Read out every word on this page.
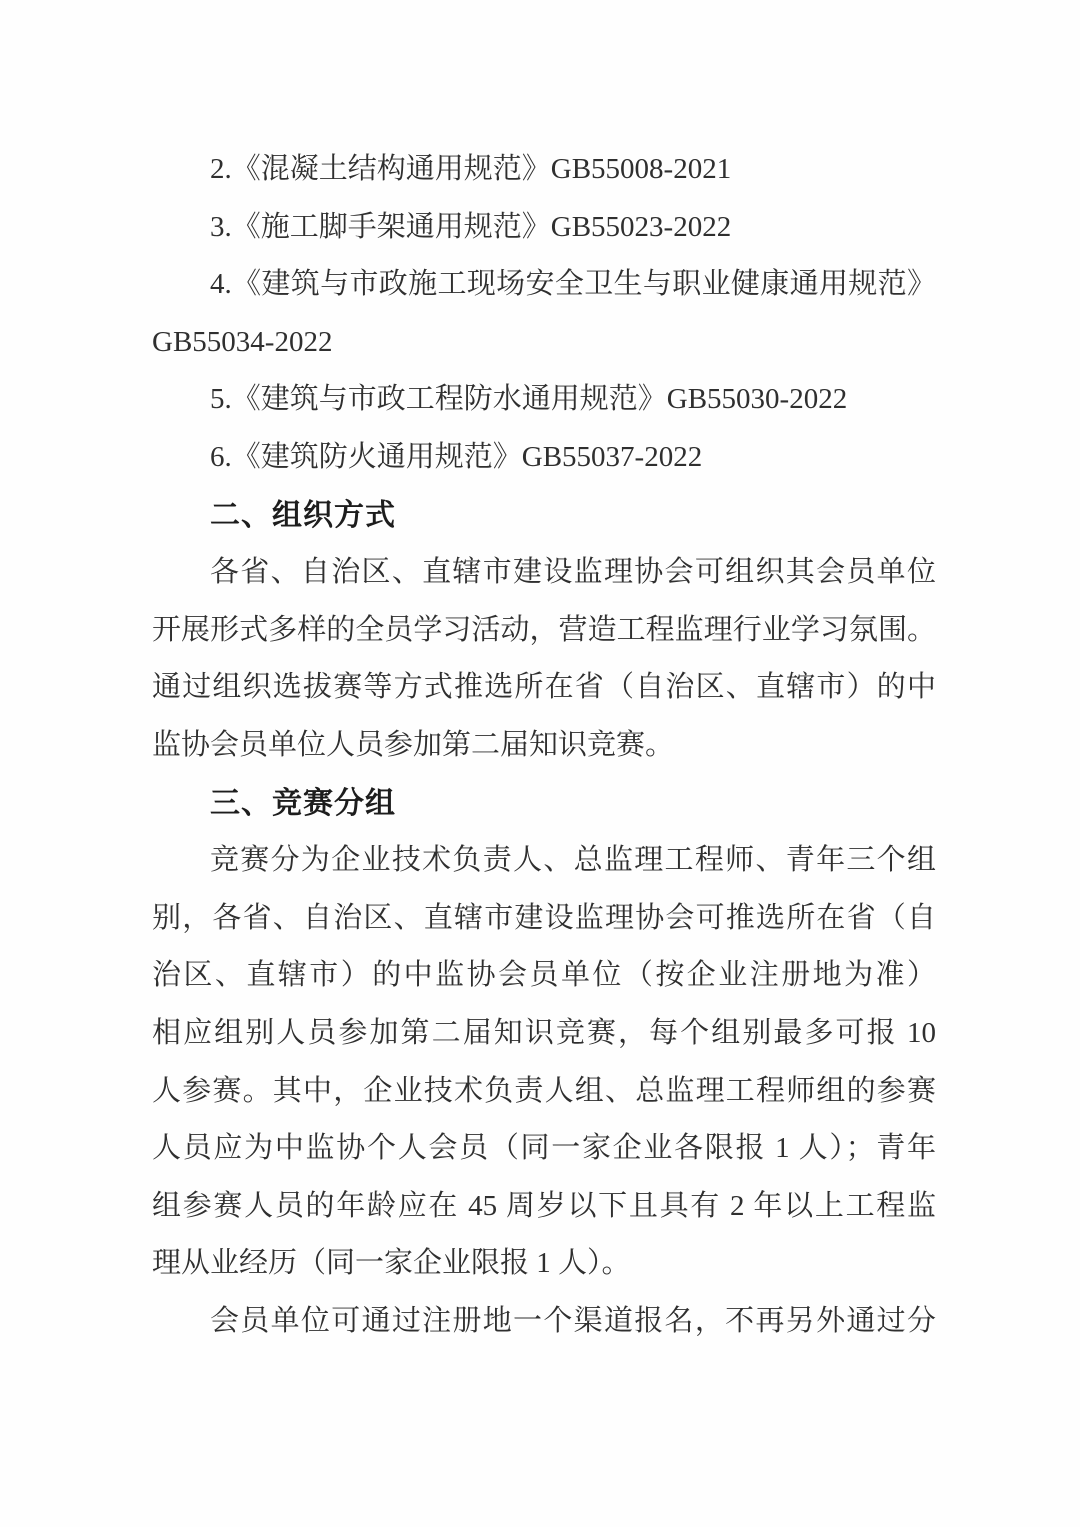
2.《混凝土结构通用规范》GB55008-2021
3.《施工脚手架通用规范》GB55023-2022
4.《建筑与市政施工现场安全卫生与职业健康通用规范》
GB55034-2022
5.《建筑与市政工程防水通用规范》GB55030-2022
6.《建筑防火通用规范》GB55037-2022
二、组织方式
各省、自治区、直辖市建设监理协会可组织其会员单位
开展形式多样的全员学习活动，营造工程监理行业学习氛围。
通过组织选拔赛等方式推选所在省（自治区、直辖市）的中
监协会员单位人员参加第二届知识竞赛。
三、竞赛分组
竞赛分为企业技术负责人、总监理工程师、青年三个组
别，各省、自治区、直辖市建设监理协会可推选所在省（自
治区、直辖市）的中监协会员单位（按企业注册地为准）
相应组别人员参加第二届知识竞赛，每个组别最多可报 10
人参赛。其中，企业技术负责人组、总监理工程师组的参赛
人员应为中监协个人会员（同一家企业各限报 1 人）；青年
组参赛人员的年龄应在 45 周岁以下且具有 2 年以上工程监
理从业经历（同一家企业限报 1 人）。
会员单位可通过注册地一个渠道报名，不再另外通过分
